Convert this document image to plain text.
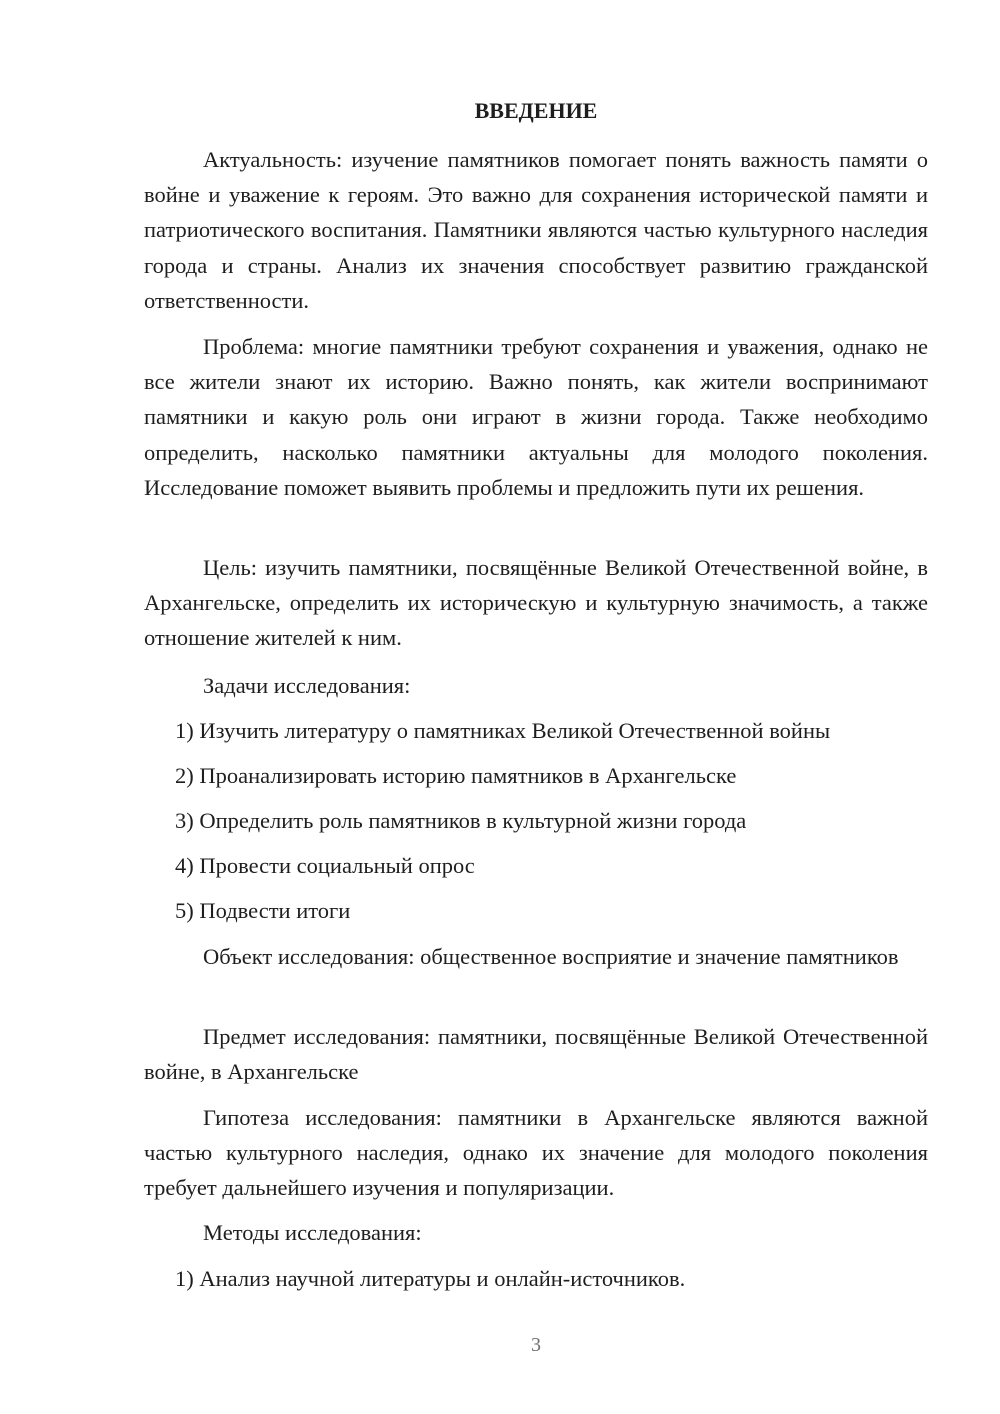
ВВЕДЕНИЕ

Актуальность: изучение памятников помогает понять важность памяти о войне и уважение к героям. Это важно для сохранения исторической памяти и патриотического воспитания. Памятники являются частью культурного наследия города и страны. Анализ их значения способствует развитию гражданской ответственности.

Проблема: многие памятники требуют сохранения и уважения, однако не все жители знают их историю. Важно понять, как жители воспринимают памятники и какую роль они играют в жизни города. Также необходимо определить, насколько памятники актуальны для молодого поколения. Исследование поможет выявить проблемы и предложить пути их решения.

Цель: изучить памятники, посвящённые Великой Отечественной войне, в Архангельске, определить их историческую и культурную значимость, а также отношение жителей к ним.

Задачи исследования:

1) Изучить литературу о памятниках Великой Отечественной войны

2) Проанализировать историю памятников в Архангельске

3) Определить роль памятников в культурной жизни города

4) Провести социальный опрос

5) Подвести итоги

Объект исследования: общественное восприятие и значение памятников

Предмет исследования: памятники, посвящённые Великой Отечественной войне, в Архангельске

Гипотеза исследования: памятники в Архангельске являются важной частью культурного наследия, однако их значение для молодого поколения требует дальнейшего изучения и популяризации.

Методы исследования:

1) Анализ научной литературы и онлайн-источников.

3
